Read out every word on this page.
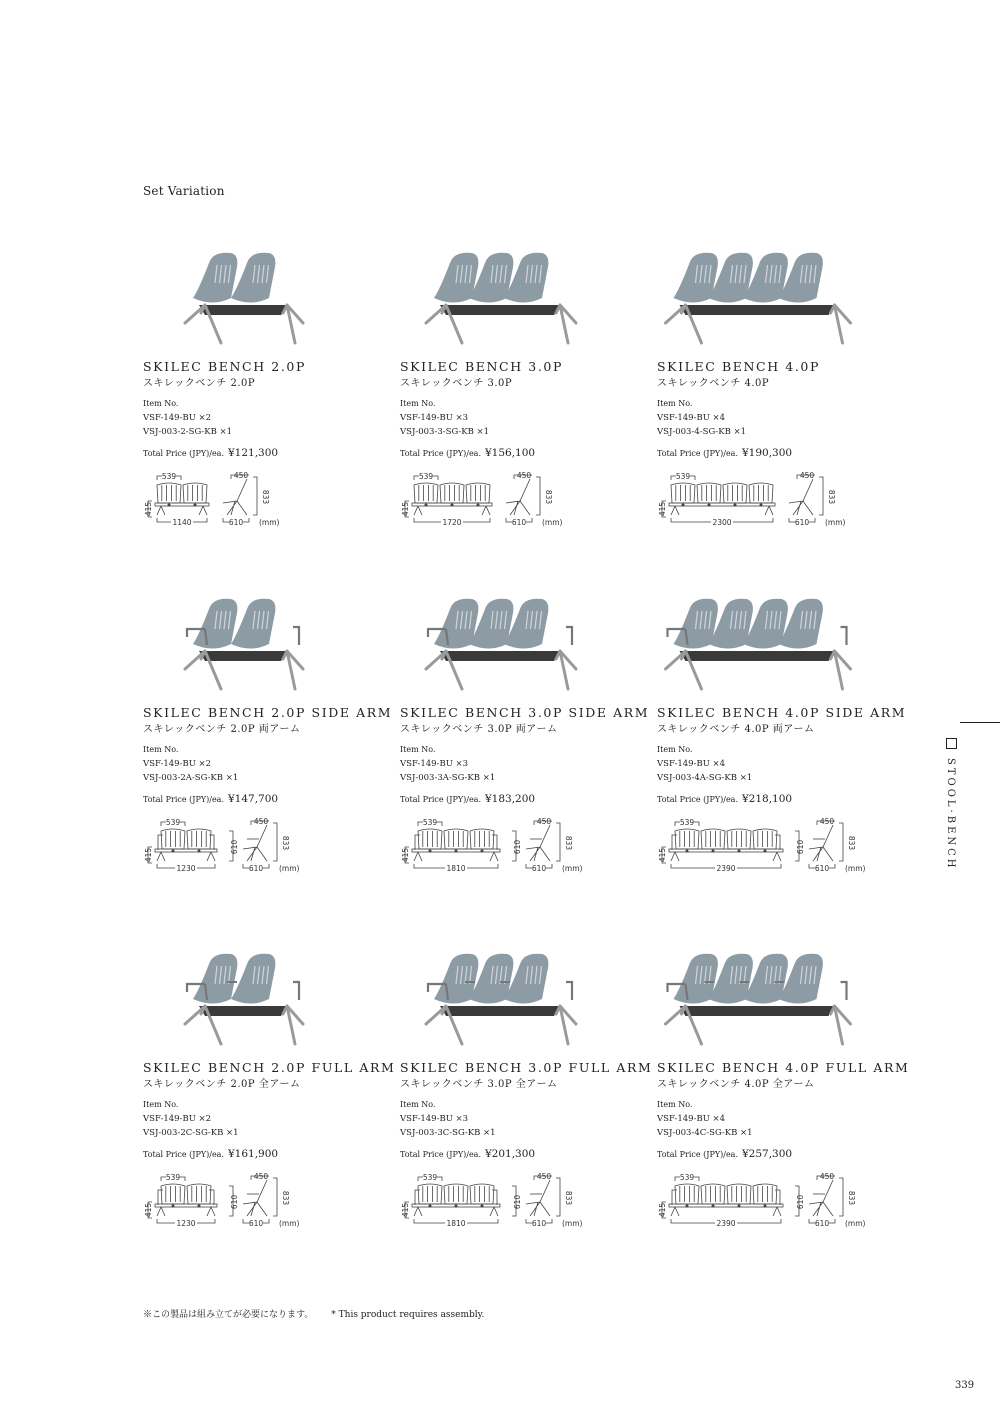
Set Variation
SKILEC BENCH 2.0P
スキレックベンチ 2.0P
Item No.
VSF-149-BU ×2
VSJ-003-2-SG-KB ×1
Total Price (JPY)/ea. ¥121,300
539
415
1140
450
833
610 (mm)
SKILEC BENCH 3.0P
スキレックベンチ 3.0P
Item No.
VSF-149-BU ×3
VSJ-003-3-SG-KB ×1
Total Price (JPY)/ea. ¥156,100
539
415
1720
450
833
610 (mm)
SKILEC BENCH 4.0P
スキレックベンチ 4.0P
Item No.
VSF-149-BU ×4
VSJ-003-4-SG-KB ×1
Total Price (JPY)/ea. ¥190,300
539
415
2300
450
833
610 (mm)
SKILEC BENCH 2.0P SIDE ARM
スキレックベンチ 2.0P 両アーム
Item No.
VSF-149-BU ×2
VSJ-003-2A-SG-KB ×1
Total Price (JPY)/ea. ¥147,700
539
415
1230
610
450
833
610 (mm)
SKILEC BENCH 3.0P SIDE ARM
スキレックベンチ 3.0P 両アーム
Item No.
VSF-149-BU ×3
VSJ-003-3A-SG-KB ×1
Total Price (JPY)/ea. ¥183,200
539
415
1810
610
450
833
610 (mm)
SKILEC BENCH 4.0P SIDE ARM
スキレックベンチ 4.0P 両アーム
Item No.
VSF-149-BU ×4
VSJ-003-4A-SG-KB ×1
Total Price (JPY)/ea. ¥218,100
539
415
2390
610
450
833
610 (mm)
SKILEC BENCH 2.0P FULL ARM
スキレックベンチ 2.0P 全アーム
Item No.
VSF-149-BU ×2
VSJ-003-2C-SG-KB ×1
Total Price (JPY)/ea. ¥161,900
539
415
1230
610
450
833
610 (mm)
SKILEC BENCH 3.0P FULL ARM
スキレックベンチ 3.0P 全アーム
Item No.
VSF-149-BU ×3
VSJ-003-3C-SG-KB ×1
Total Price (JPY)/ea. ¥201,300
539
415
1810
610
450
833
610 (mm)
SKILEC BENCH 4.0P FULL ARM
スキレックベンチ 4.0P 全アーム
Item No.
VSF-149-BU ×4
VSJ-003-4C-SG-KB ×1
Total Price (JPY)/ea. ¥257,300
539
415
2390
610
450
833
610 (mm)
STOOL·BENCH
※この製品は組み立てが必要になります。 * This product requires assembly.
339
